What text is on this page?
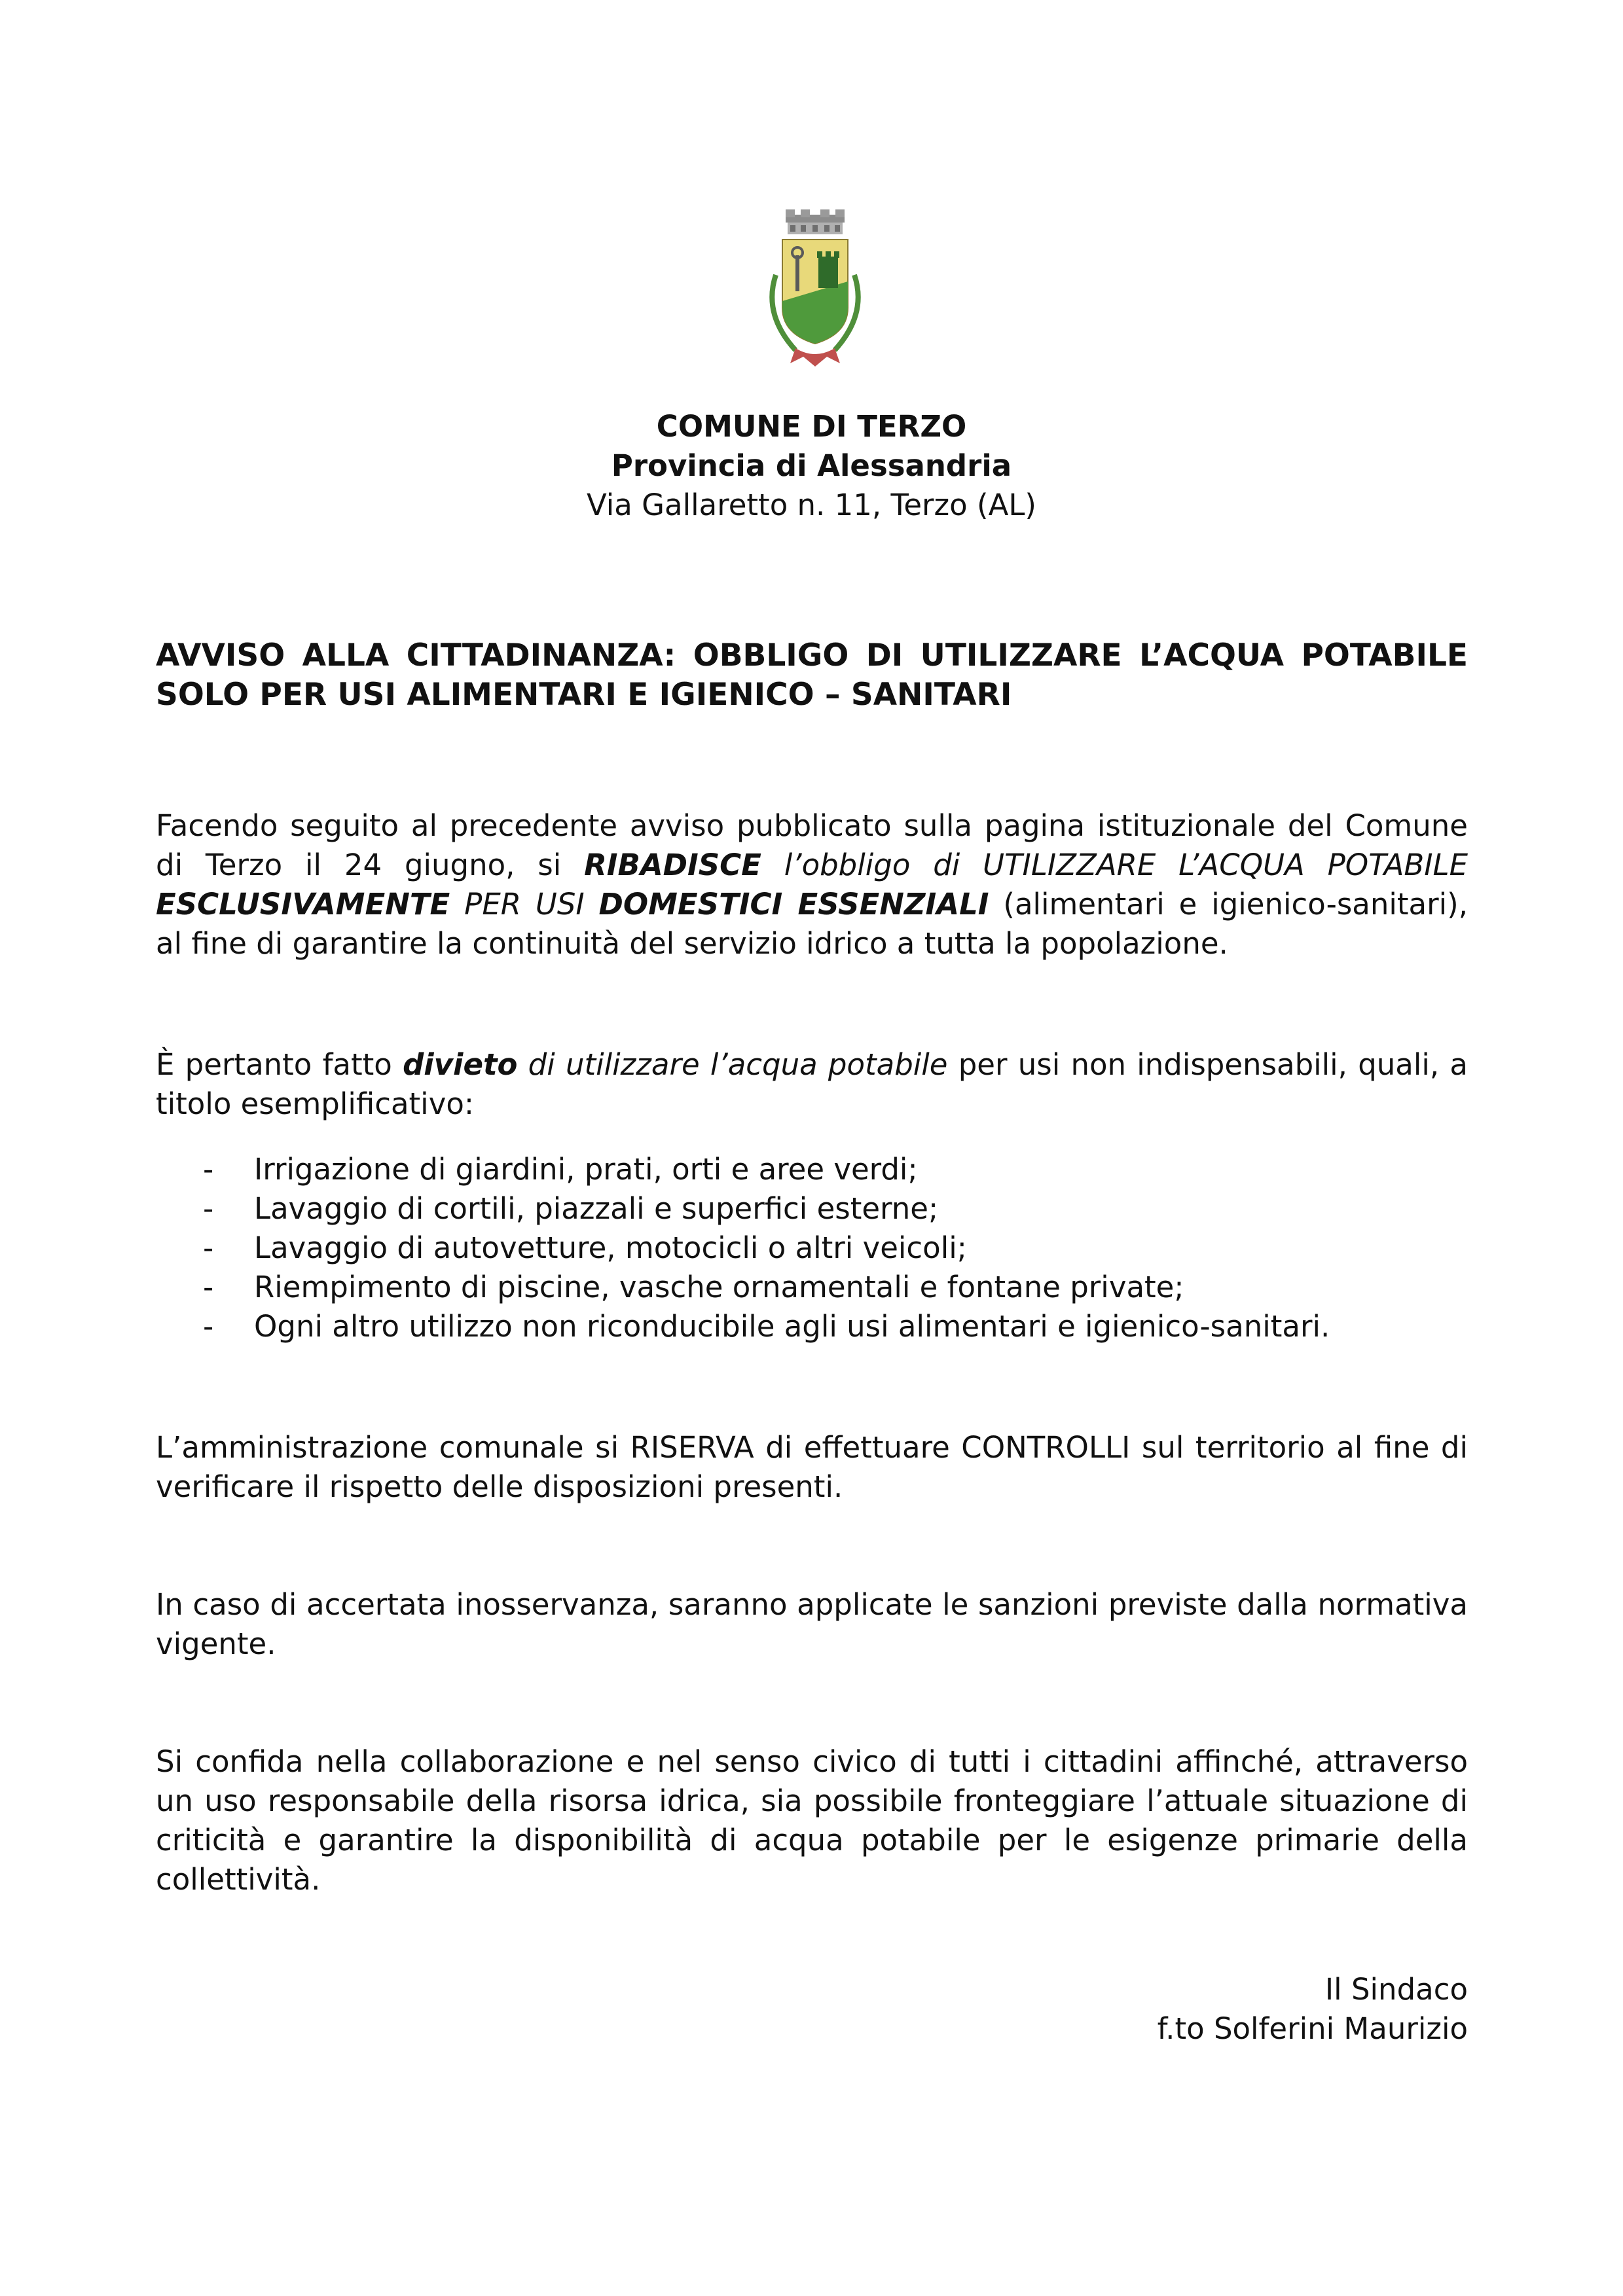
COMUNE DI TERZO
Provincia di Alessandria
Via Gallaretto n. 11, Terzo (AL)
AVVISO ALLA CITTADINANZA: OBBLIGO DI UTILIZZARE L’ACQUA POTABILE SOLO PER USI ALIMENTARI E IGIENICO – SANITARI
Facendo seguito al precedente avviso pubblicato sulla pagina istituzionale del Comune di Terzo il 24 giugno, si RIBADISCE l’obbligo di UTILIZZARE L’ACQUA POTABILE ESCLUSIVAMENTE PER USI DOMESTICI ESSENZIALI (alimentari e igienico-sanitari), al fine di garantire la continuità del servizio idrico a tutta la popolazione.
È pertanto fatto divieto di utilizzare l’acqua potabile per usi non indispensabili, quali, a titolo esemplificativo:
- Irrigazione di giardini, prati, orti e aree verdi;
- Lavaggio di cortili, piazzali e superfici esterne;
- Lavaggio di autovetture, motocicli o altri veicoli;
- Riempimento di piscine, vasche ornamentali e fontane private;
- Ogni altro utilizzo non riconducibile agli usi alimentari e igienico-sanitari.
L’amministrazione comunale si RISERVA di effettuare CONTROLLI sul territorio al fine di verificare il rispetto delle disposizioni presenti.
In caso di accertata inosservanza, saranno applicate le sanzioni previste dalla normativa vigente.
Si confida nella collaborazione e nel senso civico di tutti i cittadini affinché, attraverso un uso responsabile della risorsa idrica, sia possibile fronteggiare l’attuale situazione di criticità e garantire la disponibilità di acqua potabile per le esigenze primarie della collettività.
Il Sindaco
f.to Solferini Maurizio
